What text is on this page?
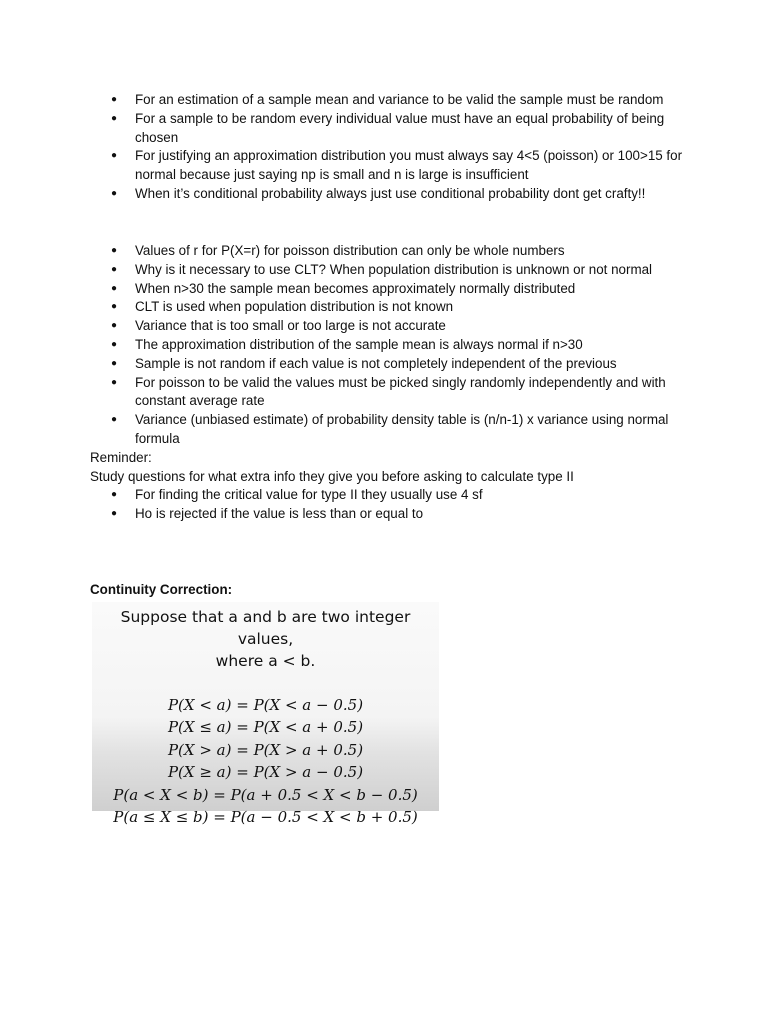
● For an estimation of a sample mean and variance to be valid the sample must be random
● For a sample to be random every individual value must have an equal probability of being chosen
● For justifying an approximation distribution you must always say 4<5 (poisson) or 100>15 for normal because just saying np is small and n is large is insufficient
● When it’s conditional probability always just use conditional probability dont get crafty!!
● Values of r for P(X=r) for poisson distribution can only be whole numbers
● Why is it necessary to use CLT? When population distribution is unknown or not normal
● When n>30 the sample mean becomes approximately normally distributed
● CLT is used when population distribution is not known
● Variance that is too small or too large is not accurate
● The approximation distribution of the sample mean is always normal if n>30
● Sample is not random if each value is not completely independent of the previous
● For poisson to be valid the values must be picked singly randomly independently and with constant average rate
● Variance (unbiased estimate) of probability density table is (n/n-1) x variance using normal formula
Reminder:
Study questions for what extra info they give you before asking to calculate type II
● For finding the critical value for type II they usually use 4 sf
● Ho is rejected if the value is less than or equal to
Continuity Correction:
Suppose that a and b are two integer values,
where a < b.
P(X < a) = P(X < a − 0.5)
P(X ≤ a) = P(X < a + 0.5)
P(X > a) = P(X > a + 0.5)
P(X ≥ a) = P(X > a − 0.5)
P(a < X < b) = P(a + 0.5 < X < b − 0.5)
P(a ≤ X ≤ b) = P(a − 0.5 < X < b + 0.5)
